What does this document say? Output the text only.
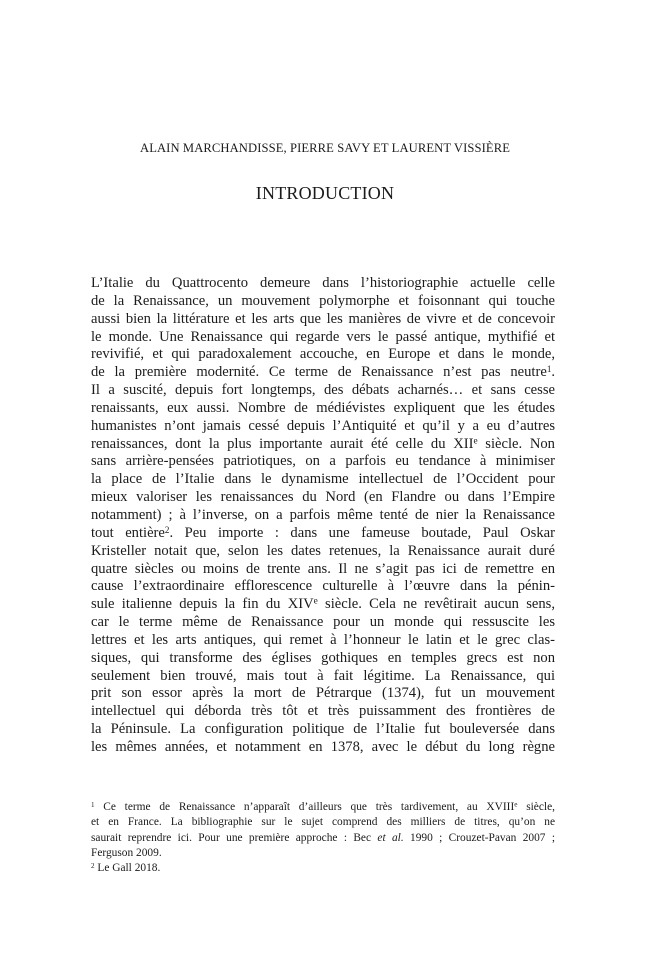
ALAIN MARCHANDISSE, PIERRE SAVY ET LAURENT VISSIÈRE
INTRODUCTION
L’Italie du Quattrocento demeure dans l’historiographie actuelle celle
de la Renaissance, un mouvement polymorphe et foisonnant qui touche
aussi bien la littérature et les arts que les manières de vivre et de concevoir
le monde. Une Renaissance qui regarde vers le passé antique, mythifié et
revivifié, et qui paradoxalement accouche, en Europe et dans le monde,
de la première modernité. Ce terme de Renaissance n’est pas neutre$^1$.
Il a suscité, depuis fort longtemps, des débats acharnés… et sans cesse
renaissants, eux aussi. Nombre de médiévistes expliquent que les études
humanistes n’ont jamais cessé depuis l’Antiquité et qu’il y a eu d’autres
renaissances, dont la plus importante aurait été celle du XIIe siècle. Non
sans arrière-pensées patriotiques, on a parfois eu tendance à minimiser
la place de l’Italie dans le dynamisme intellectuel de l’Occident pour
mieux valoriser les renaissances du Nord (en Flandre ou dans l’Empire
notamment) ; à l’inverse, on a parfois même tenté de nier la Renaissance
tout entière$^2$. Peu importe : dans une fameuse boutade, Paul Oskar
Kristeller notait que, selon les dates retenues, la Renaissance aurait duré
quatre siècles ou moins de trente ans. Il ne s’agit pas ici de remettre en
cause l’extraordinaire efflorescence culturelle à l’œuvre dans la pénin-
sule italienne depuis la fin du XIVe siècle. Cela ne revêtirait aucun sens,
car le terme même de Renaissance pour un monde qui ressuscite les
lettres et les arts antiques, qui remet à l’honneur le latin et le grec clas-
siques, qui transforme des églises gothiques en temples grecs est non
seulement bien trouvé, mais tout à fait légitime. La Renaissance, qui
prit son essor après la mort de Pétrarque (1374), fut un mouvement
intellectuel qui déborda très tôt et très puissamment des frontières de
la Péninsule. La configuration politique de l’Italie fut bouleversée dans
les mêmes années, et notamment en 1378, avec le début du long règne
$^1$ Ce terme de Renaissance n’apparaît d’ailleurs que très tardivement, au XVIIIe siècle,
et en France. La bibliographie sur le sujet comprend des milliers de titres, qu’on ne
saurait reprendre ici. Pour une première approche : Bec et al. 1990 ; Crouzet-Pavan 2007 ;
Ferguson 2009.
$^2$ Le Gall 2018.
